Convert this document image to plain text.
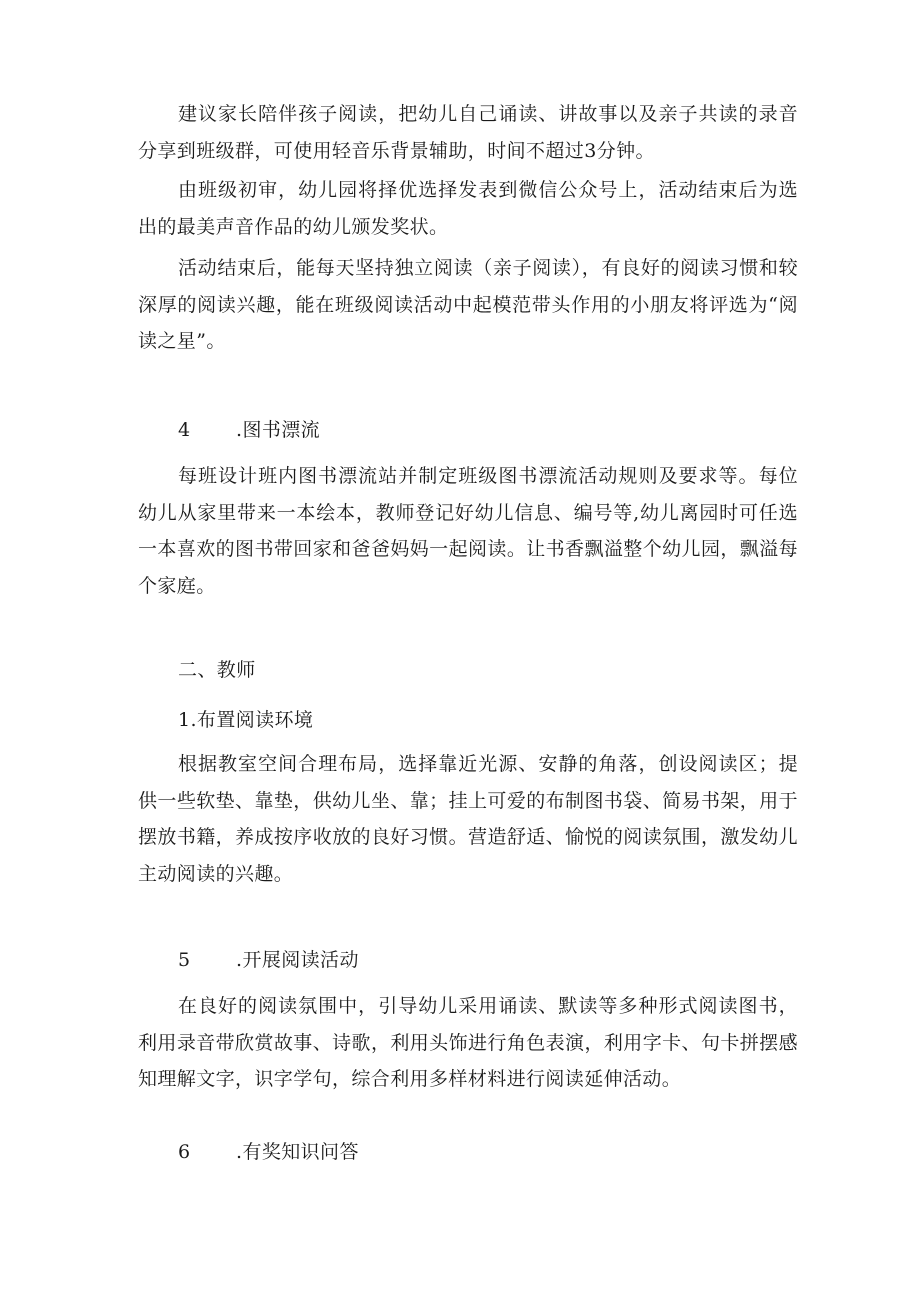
建议家长陪伴孩子阅读，把幼儿自己诵读、讲故事以及亲子共读的录音分享到班级群，可使用轻音乐背景辅助，时间不超过3分钟。

由班级初审，幼儿园将择优选择发表到微信公众号上，活动结束后为选出的最美声音作品的幼儿颁发奖状。

活动结束后，能每天坚持独立阅读（亲子阅读），有良好的阅读习惯和较深厚的阅读兴趣，能在班级阅读活动中起模范带头作用的小朋友将评选为“阅读之星”。

4 .图书漂流

每班设计班内图书漂流站并制定班级图书漂流活动规则及要求等。每位幼儿从家里带来一本绘本，教师登记好幼儿信息、编号等,幼儿离园时可任选一本喜欢的图书带回家和爸爸妈妈一起阅读。让书香飘溢整个幼儿园，飘溢每个家庭。

二、教师
1.布置阅读环境

根据教室空间合理布局，选择靠近光源、安静的角落，创设阅读区；提供一些软垫、靠垫，供幼儿坐、靠；挂上可爱的布制图书袋、简易书架，用于摆放书籍，养成按序收放的良好习惯。营造舒适、愉悦的阅读氛围，激发幼儿主动阅读的兴趣。

5 .开展阅读活动

在良好的阅读氛围中，引导幼儿采用诵读、默读等多种形式阅读图书，利用录音带欣赏故事、诗歌，利用头饰进行角色表演，利用字卡、句卡拼摆感知理解文字，识字学句，综合利用多样材料进行阅读延伸活动。

6 .有奖知识问答
